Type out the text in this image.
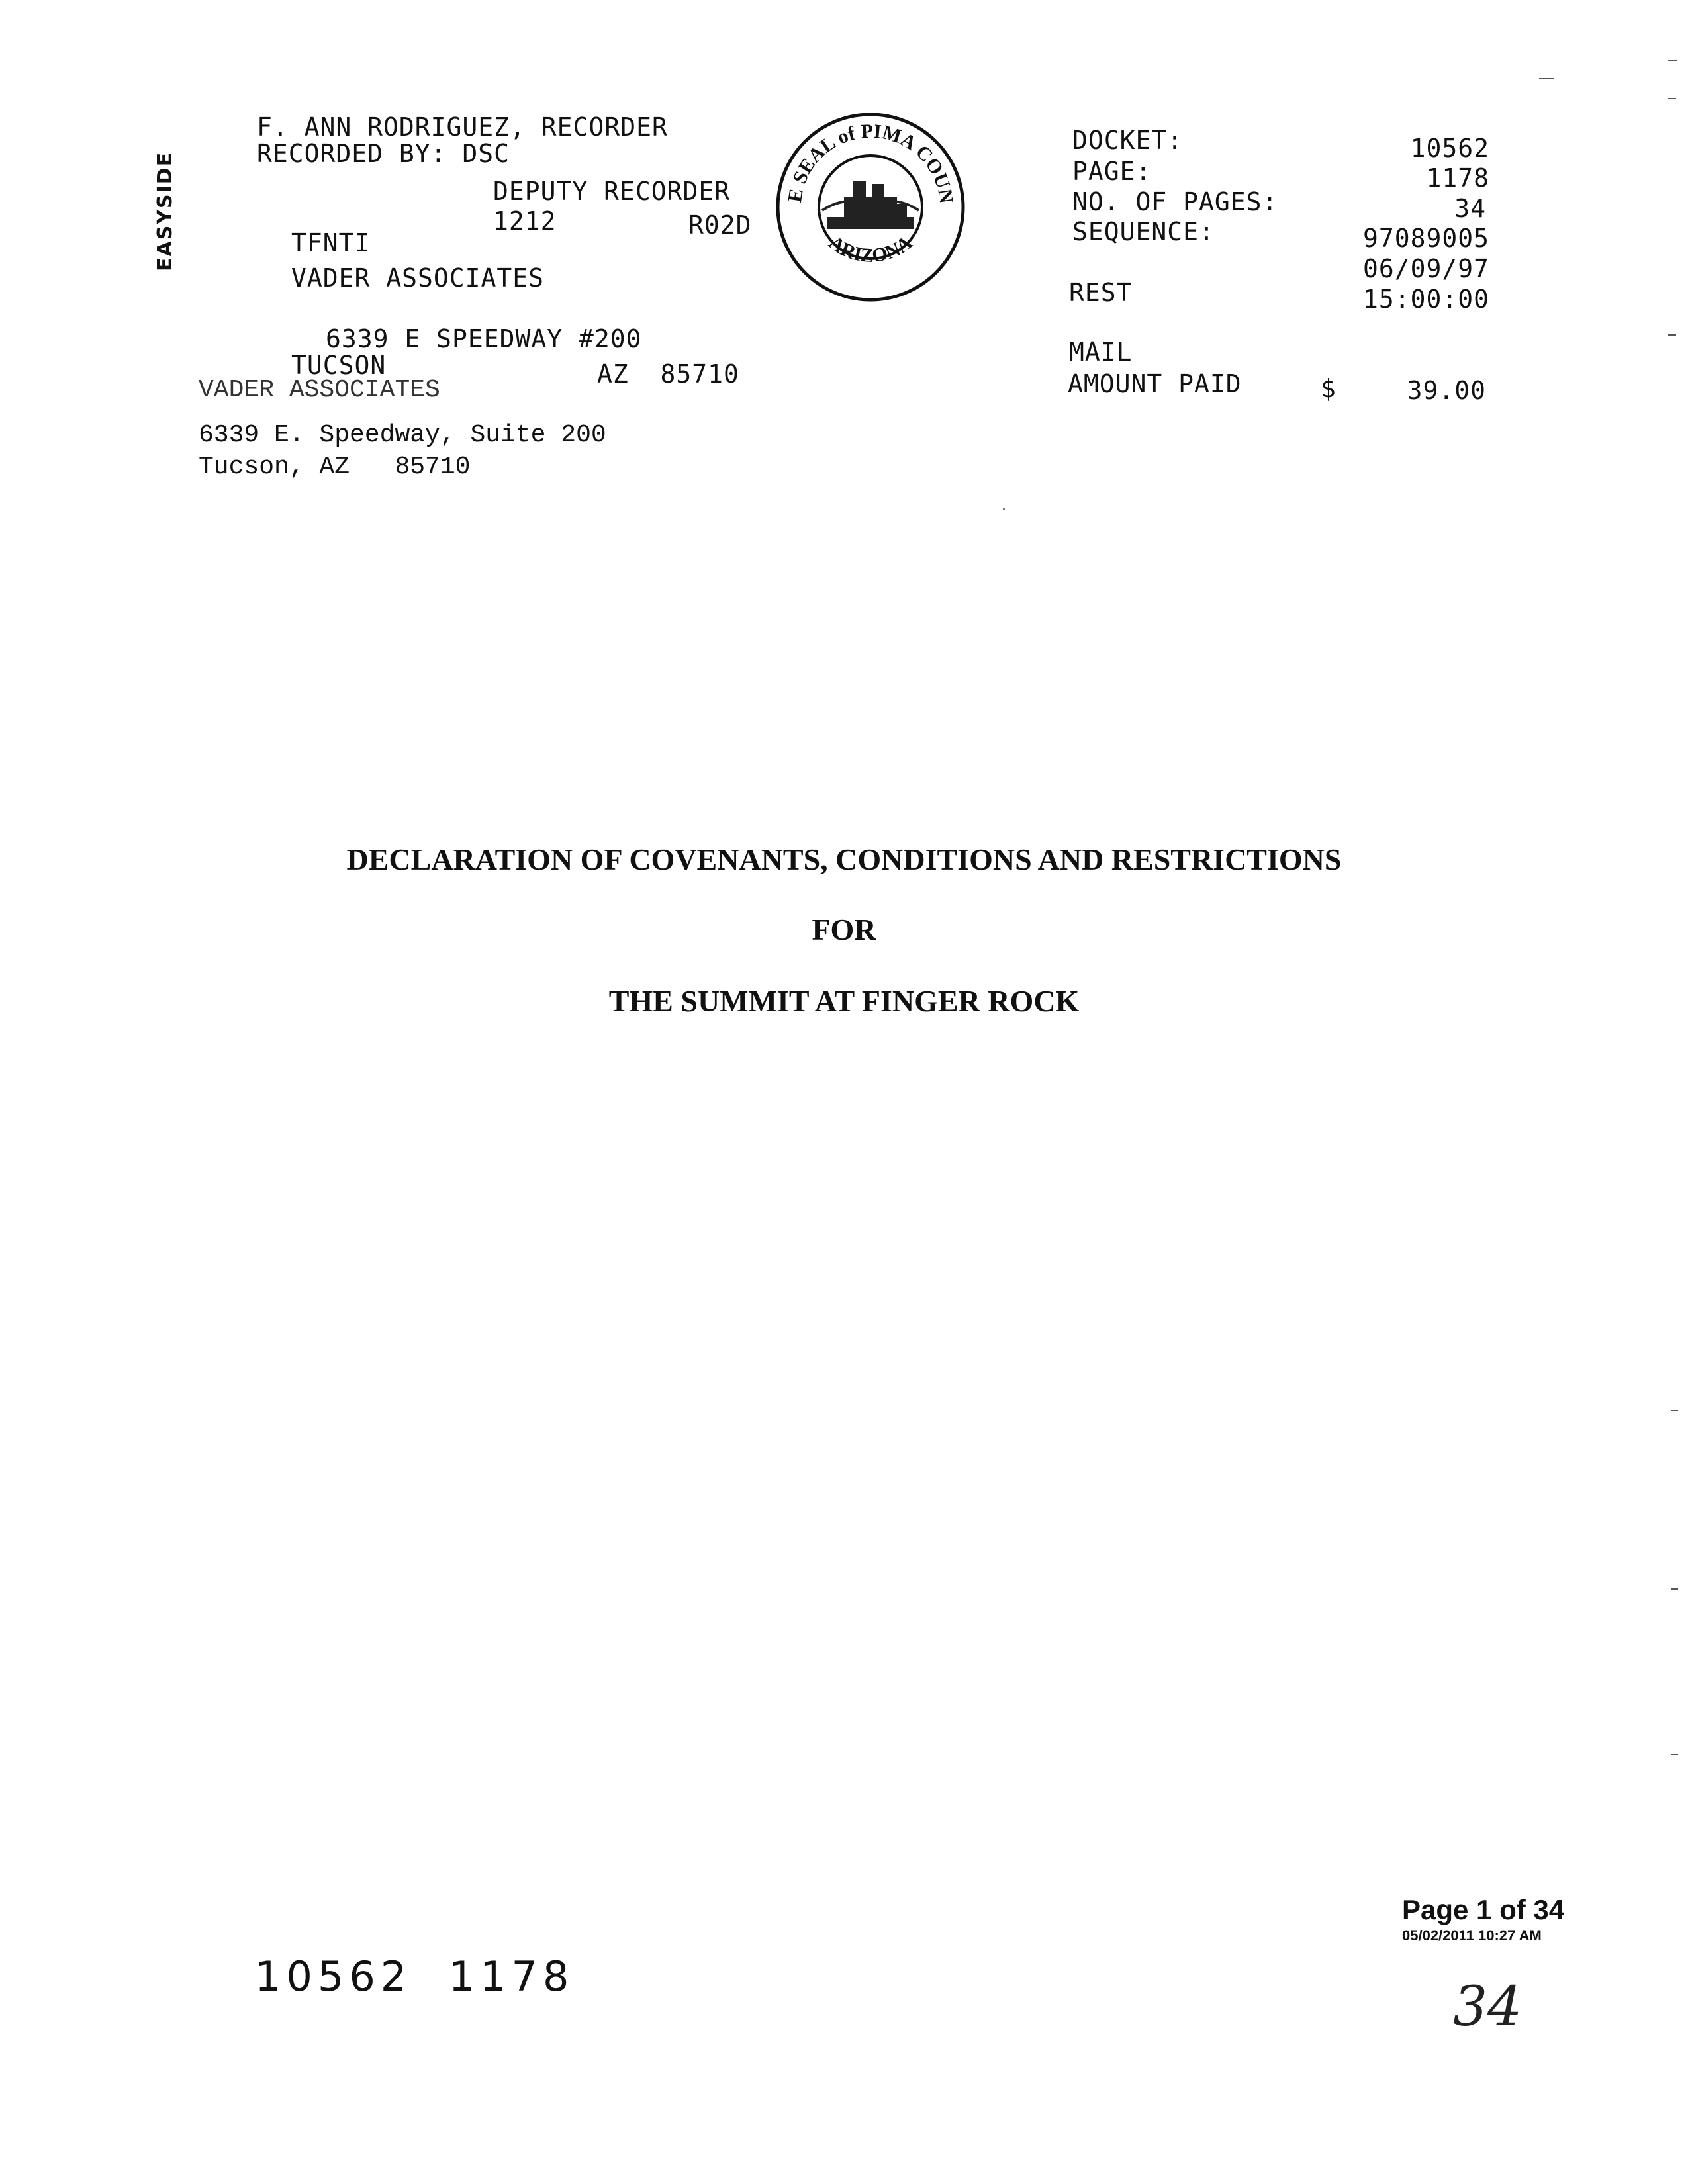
EASYSIDE
F. ANN RODRIGUEZ, RECORDER
RECORDED BY: DSC
DEPUTY RECORDER
1212	R02D
TFNTI
VADER ASSOCIATES
6339 E SPEEDWAY #200
TUCSON	AZ  85710
E SEAL of PIMA COUN
ARIZONA
DOCKET:	10562
PAGE:	1178
NO. OF PAGES:	34
SEQUENCE:	97089005
06/09/97
REST	15:00:00
MAIL
AMOUNT PAID	$	39.00
VADER ASSOCIATES
6339 E. Speedway, Suite 200
Tucson, AZ   85710
DECLARATION OF COVENANTS, CONDITIONS AND RESTRICTIONS
FOR
THE SUMMIT AT FINGER ROCK
10562  1178
Page 1 of 34
05/02/2011 10:27 AM
34
